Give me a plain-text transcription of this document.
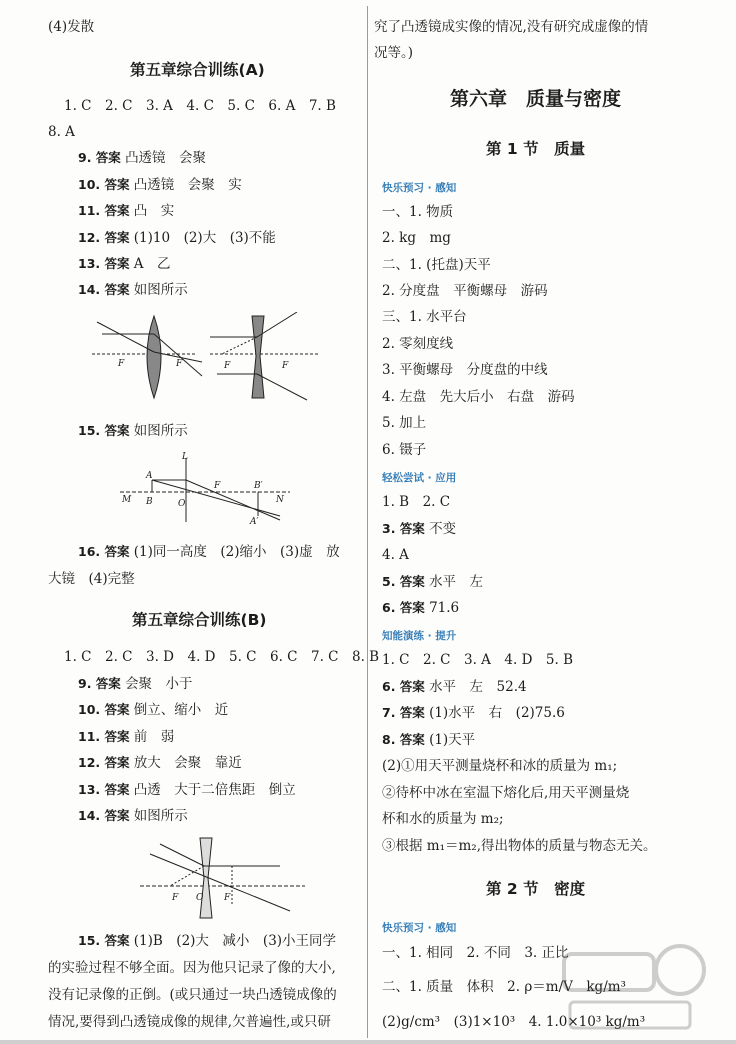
(4)发散
第五章综合训练(A)
1. C　2. C　3. A　4. C　5. C　6. A　7. B
8. A
9. 答案 凸透镜　会聚
10. 答案 凸透镜　会聚　实
11. 答案 凸　实
12. 答案 (1)10　(2)大　(3)不能
13. 答案 A　乙
14. 答案 如图所示
F	F	F	F
15. 答案 如图所示
L
A
M B	O
F	B′
N
A′
16. 答案 (1)同一高度　(2)缩小　(3)虚　放
大镜　(4)完整
第五章综合训练(B)
1. C　2. C　3. D　4. D　5. C　6. C　7. C　8. B
9. 答案 会聚　小于
10. 答案 倒立、缩小　近
11. 答案 前　弱
12. 答案 放大　会聚　靠近
13. 答案 凸透　大于二倍焦距　倒立
14. 答案 如图所示
F O F
15. 答案 (1)B　(2)大　减小　(3)小王同学
的实验过程不够全面。因为他只记录了像的大小,
没有记录像的正倒。(或只通过一块凸透镜成像的
情况,要得到凸透镜成像的规律,欠普遍性,或只研
究了凸透镜成实像的情况,没有研究成虚像的情
况等。)
第六章　质量与密度
第 1 节　质量
快乐预习 · 感知
一、1. 物质
2. kg　mg
二、1. (托盘)天平
2. 分度盘　平衡螺母　游码
三、1. 水平台
2. 零刻度线
3. 平衡螺母　分度盘的中线
4. 左盘　先大后小　右盘　游码
5. 加上
6. 镊子
轻松尝试 · 应用
1. B　2. C
3. 答案 不变
4. A
5. 答案 水平　左
6. 答案 71.6
知能演练 · 提升
1. C　2. C　3. A　4. D　5. B
6. 答案 水平　左　52.4
7. 答案 (1)水平　右　(2)75.6
8. 答案 (1)天平
(2)①用天平测量烧杯和冰的质量为 m₁;
②待杯中冰在室温下熔化后,用天平测量烧
杯和水的质量为 m₂;
③根据 m₁＝m₂,得出物体的质量与物态无关。
第 2 节　密度
快乐预习 · 感知
一、1. 相同　2. 不同　3. 正比
二、1. 质量　体积　2. ρ＝m/V　kg/m³
(2)g/cm³　(3)1×10³　4. 1.0×10³ kg/m³
